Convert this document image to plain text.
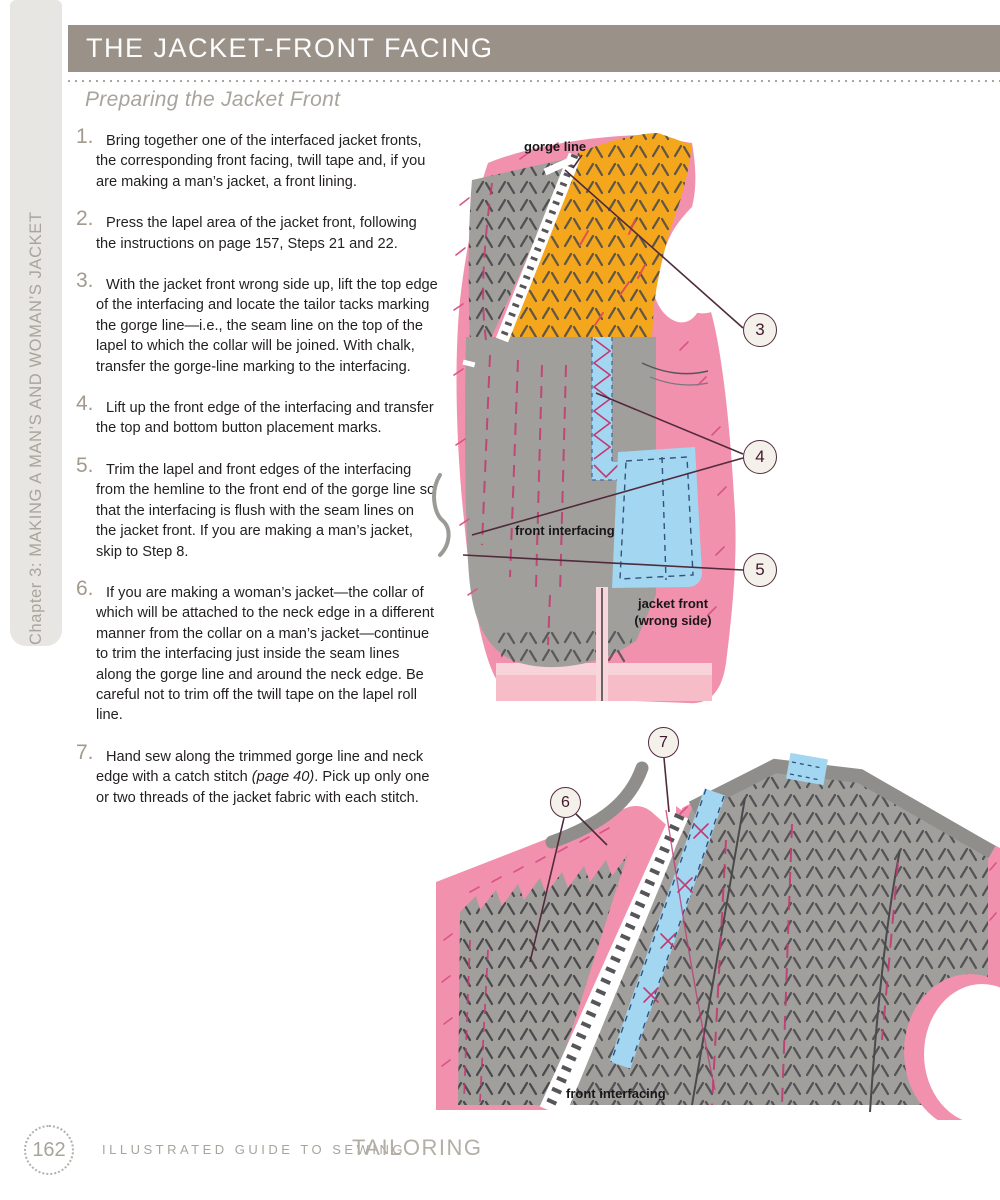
Chapter 3: MAKING A MAN’S AND WOMAN’S JACKET
THE JACKET-FRONT FACING
Preparing the Jacket Front
1. Bring together one of the interfaced jacket fronts, the corresponding front facing, twill tape and, if you are making a man’s jacket, a front lining.
2. Press the lapel area of the jacket front, following the instructions on page 157, Steps 21 and 22.
3. With the jacket front wrong side up, lift the top edge of the interfacing and locate the tailor tacks marking the gorge line—i.e., the seam line on the top of the lapel to which the collar will be joined. With chalk, transfer the gorge-line marking to the interfacing.
4. Lift up the front edge of the interfacing and transfer the top and bottom button placement marks.
5. Trim the lapel and front edges of the interfacing from the hemline to the front end of the gorge line so that the interfacing is flush with the seam lines on the jacket front. If you are making a man’s jacket, skip to Step 8.
6. If you are making a woman’s jacket—the collar of which will be attached to the neck edge in a different manner from the collar on a man’s jacket—continue to trim the interfacing just inside the seam lines along the gorge line and around the neck edge. Be careful not to trim off the twill tape on the lapel roll line.
7. Hand sew along the trimmed gorge line and neck edge with a catch stitch (page 40). Pick up only one or two threads of the jacket fabric with each stitch.
gorge line
front interfacing
jacket front
(wrong side)
3
4
5
front interfacing
6
7
162	ILLUSTRATED GUIDE TO SEWING
TAILORING
